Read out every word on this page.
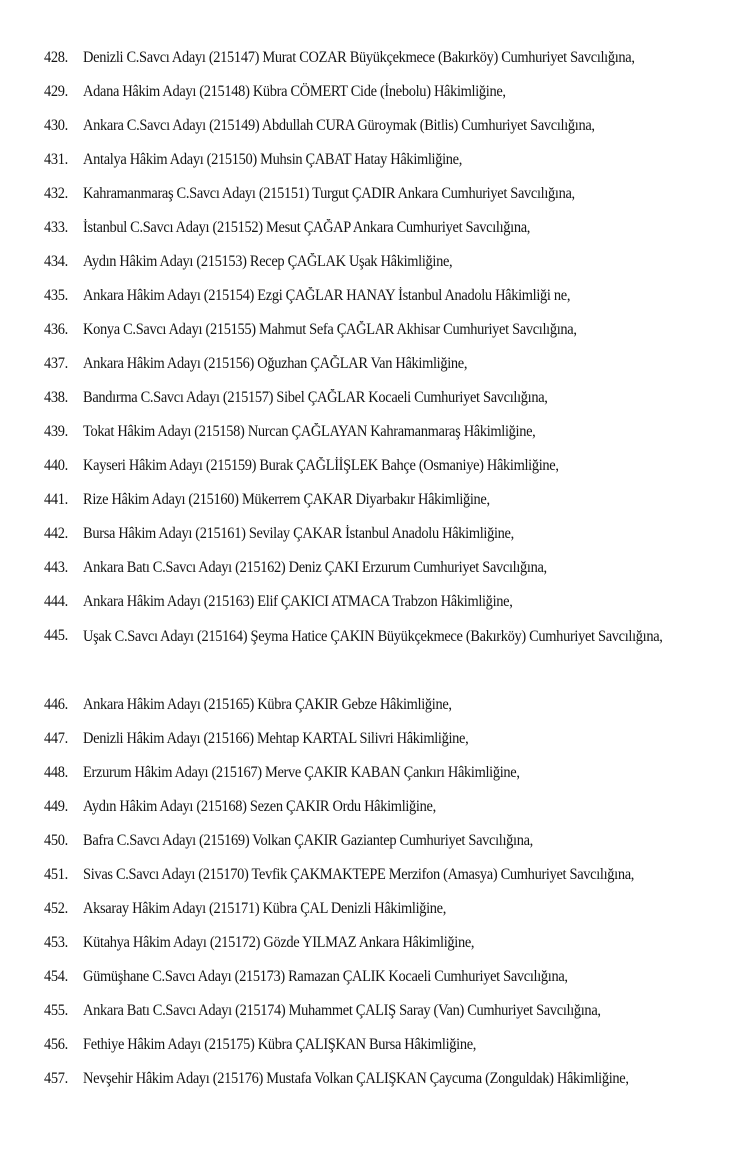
428. Denizli C.Savcı Adayı (215147) Murat COZAR Büyükçekmece (Bakırköy) Cumhuriyet Savcılığına,
429. Adana Hâkim Adayı (215148) Kübra CÖMERT Cide (İnebolu) Hâkimliğine,
430. Ankara C.Savcı Adayı (215149) Abdullah CURA Güroymak (Bitlis) Cumhuriyet Savcılığına,
431. Antalya Hâkim Adayı (215150) Muhsin ÇABAT Hatay Hâkimliğine,
432. Kahramanmaraş C.Savcı Adayı (215151) Turgut ÇADIR Ankara Cumhuriyet Savcılığına,
433. İstanbul C.Savcı Adayı (215152) Mesut ÇAĞAP Ankara Cumhuriyet Savcılığına,
434. Aydın Hâkim Adayı (215153) Recep ÇAĞLAK Uşak Hâkimliğine,
435. Ankara Hâkim Adayı (215154) Ezgi ÇAĞLAR HANAY İstanbul Anadolu Hâkimliği ne,
436. Konya C.Savcı Adayı (215155) Mahmut Sefa ÇAĞLAR Akhisar Cumhuriyet Savcılığına,
437. Ankara Hâkim Adayı (215156) Oğuzhan ÇAĞLAR Van Hâkimliğine,
438. Bandırma C.Savcı Adayı (215157) Sibel ÇAĞLAR Kocaeli Cumhuriyet Savcılığına,
439. Tokat Hâkim Adayı (215158) Nurcan ÇAĞLAYAN Kahramanmaraş Hâkimliğine,
440. Kayseri Hâkim Adayı (215159) Burak ÇAĞLİİŞLEK Bahçe (Osmaniye) Hâkimliğine,
441. Rize Hâkim Adayı (215160) Mükerrem ÇAKAR Diyarbakır Hâkimliğine,
442. Bursa Hâkim Adayı (215161) Sevilay ÇAKAR İstanbul Anadolu Hâkimliğine,
443. Ankara Batı C.Savcı Adayı (215162) Deniz ÇAKI Erzurum Cumhuriyet Savcılığına,
444. Ankara Hâkim Adayı (215163) Elif ÇAKICI ATMACA Trabzon Hâkimliğine,
445. Uşak C.Savcı Adayı (215164) Şeyma Hatice ÇAKIN Büyükçekmece (Bakırköy) Cumhuriyet Savcılığına,
446. Ankara Hâkim Adayı (215165) Kübra ÇAKIR Gebze Hâkimliğine,
447. Denizli Hâkim Adayı (215166) Mehtap KARTAL Silivri Hâkimliğine,
448. Erzurum Hâkim Adayı (215167) Merve ÇAKIR KABAN Çankırı Hâkimliğine,
449. Aydın Hâkim Adayı (215168) Sezen ÇAKIR Ordu Hâkimliğine,
450. Bafra C.Savcı Adayı (215169) Volkan ÇAKIR Gaziantep Cumhuriyet Savcılığına,
451. Sivas C.Savcı Adayı (215170) Tevfik ÇAKMAKTEPE Merzifon (Amasya) Cumhuriyet Savcılığına,
452. Aksaray Hâkim Adayı (215171) Kübra ÇAL Denizli Hâkimliğine,
453. Kütahya Hâkim Adayı (215172) Gözde YILMAZ Ankara Hâkimliğine,
454. Gümüşhane C.Savcı Adayı (215173) Ramazan ÇALIK Kocaeli Cumhuriyet Savcılığına,
455. Ankara Batı C.Savcı Adayı (215174) Muhammet ÇALIŞ Saray (Van) Cumhuriyet Savcılığına,
456. Fethiye Hâkim Adayı (215175) Kübra ÇALIŞKAN Bursa Hâkimliğine,
457. Nevşehir Hâkim Adayı (215176) Mustafa Volkan ÇALIŞKAN Çaycuma (Zonguldak) Hâkimliğine,
